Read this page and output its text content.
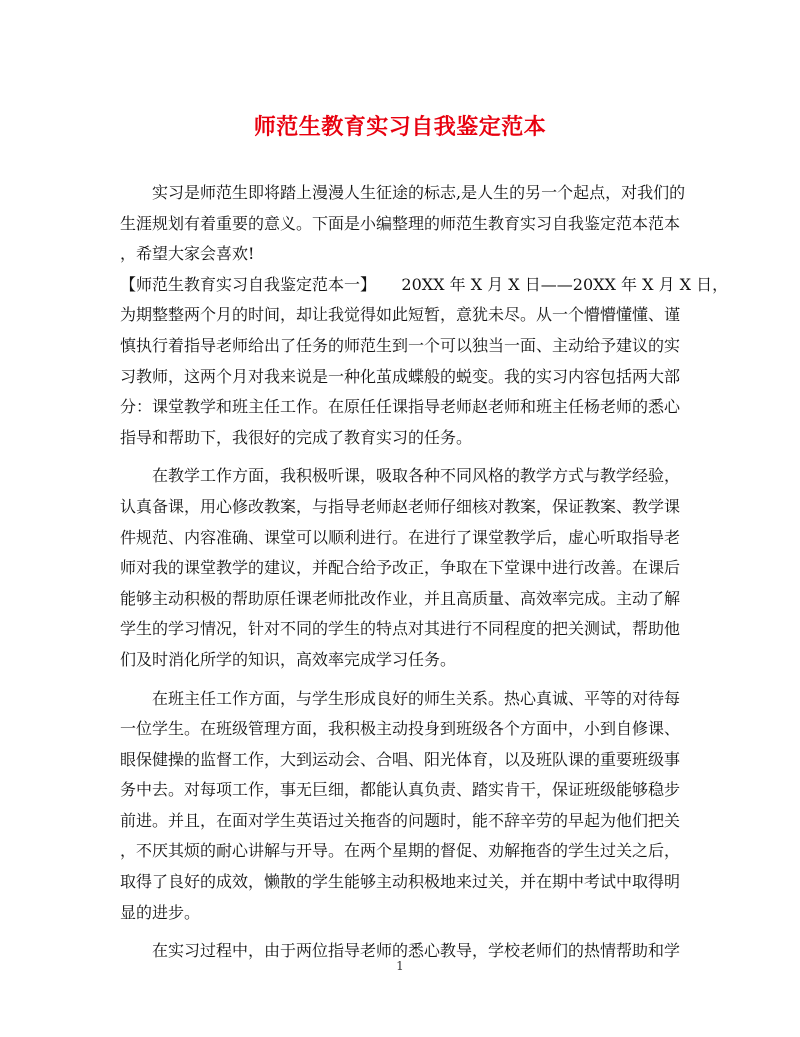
师范生教育实习自我鉴定范本
实习是师范生即将踏上漫漫人生征途的标志,是人生的另一个起点，对我们的
生涯规划有着重要的意义。下面是小编整理的师范生教育实习自我鉴定范本范本
，希望大家会喜欢!
【师范生教育实习自我鉴定范本一】     20XX 年 X 月 X 日——20XX 年 X 月 X 日，
为期整整两个月的时间，却让我觉得如此短暂，意犹未尽。从一个懵懵懂懂、谨
慎执行着指导老师给出了任务的师范生到一个可以独当一面、主动给予建议的实
习教师，这两个月对我来说是一种化茧成蝶般的蜕变。我的实习内容包括两大部
分：课堂教学和班主任工作。在原任任课指导老师赵老师和班主任杨老师的悉心
指导和帮助下，我很好的完成了教育实习的任务。
在教学工作方面，我积极听课，吸取各种不同风格的教学方式与教学经验，
认真备课，用心修改教案，与指导老师赵老师仔细核对教案，保证教案、教学课
件规范、内容准确、课堂可以顺利进行。在进行了课堂教学后，虚心听取指导老
师对我的课堂教学的建议，并配合给予改正，争取在下堂课中进行改善。在课后
能够主动积极的帮助原任课老师批改作业，并且高质量、高效率完成。主动了解
学生的学习情况，针对不同的学生的特点对其进行不同程度的把关测试，帮助他
们及时消化所学的知识，高效率完成学习任务。
在班主任工作方面，与学生形成良好的师生关系。热心真诚、平等的对待每
一位学生。在班级管理方面，我积极主动投身到班级各个方面中，小到自修课、
眼保健操的监督工作，大到运动会、合唱、阳光体育，以及班队课的重要班级事
务中去。对每项工作，事无巨细，都能认真负责、踏实肯干，保证班级能够稳步
前进。并且，在面对学生英语过关拖沓的问题时，能不辞辛劳的早起为他们把关
，不厌其烦的耐心讲解与开导。在两个星期的督促、劝解拖沓的学生过关之后，
取得了良好的成效，懒散的学生能够主动积极地来过关，并在期中考试中取得明
显的进步。
在实习过程中，由于两位指导老师的悉心教导，学校老师们的热情帮助和学
1
